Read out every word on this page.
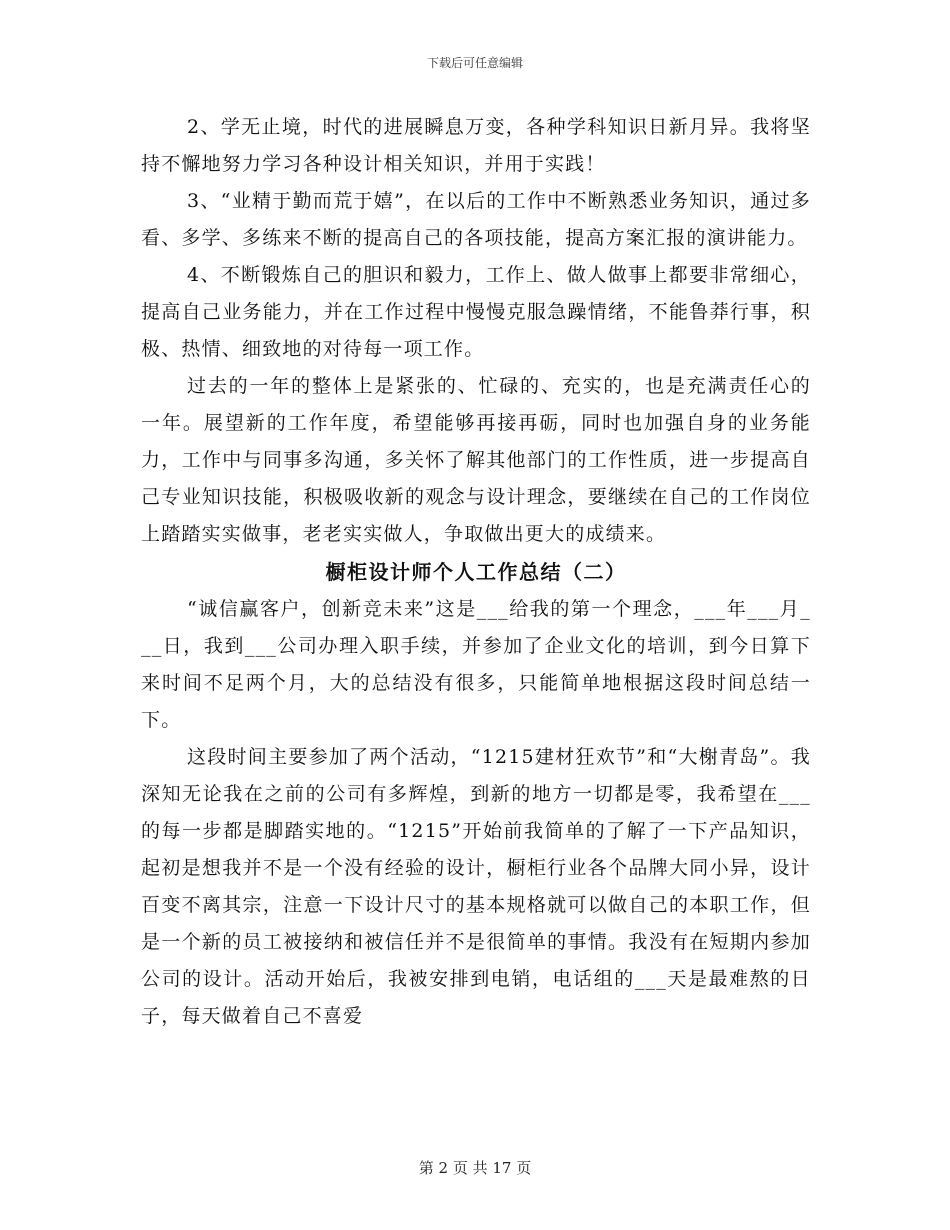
下载后可任意编辑

2、学无止境，时代的进展瞬息万变，各种学科知识日新月异。我将坚持不懈地努力学习各种设计相关知识，并用于实践！

3、“业精于勤而荒于嬉”，在以后的工作中不断熟悉业务知识，通过多看、多学、多练来不断的提高自己的各项技能，提高方案汇报的演讲能力。

4、不断锻炼自己的胆识和毅力，工作上、做人做事上都要非常细心，提高自己业务能力，并在工作过程中慢慢克服急躁情绪，不能鲁莽行事，积极、热情、细致地的对待每一项工作。

过去的一年的整体上是紧张的、忙碌的、充实的，也是充满责任心的一年。展望新的工作年度，希望能够再接再砺，同时也加强自身的业务能力，工作中与同事多沟通，多关怀了解其他部门的工作性质，进一步提高自己专业知识技能，积极吸收新的观念与设计理念，要继续在自己的工作岗位上踏踏实实做事，老老实实做人，争取做出更大的成绩来。

橱柜设计师个人工作总结（二）

“诚信赢客户，创新竞未来”这是___给我的第一个理念，___年___月___日，我到___公司办理入职手续，并参加了企业文化的培训，到今日算下来时间不足两个月，大的总结没有很多，只能简单地根据这段时间总结一下。

这段时间主要参加了两个活动，“1215建材狂欢节”和“大榭青岛”。我深知无论我在之前的公司有多辉煌，到新的地方一切都是零，我希望在___的每一步都是脚踏实地的。“1215”开始前我简单的了解了一下产品知识，起初是想我并不是一个没有经验的设计，橱柜行业各个品牌大同小异，设计百变不离其宗，注意一下设计尺寸的基本规格就可以做自己的本职工作，但是一个新的员工被接纳和被信任并不是很简单的事情。我没有在短期内参加公司的设计。活动开始后，我被安排到电销，电话组的___天是最难熬的日子，每天做着自己不喜爱

第 2 页 共 17 页
